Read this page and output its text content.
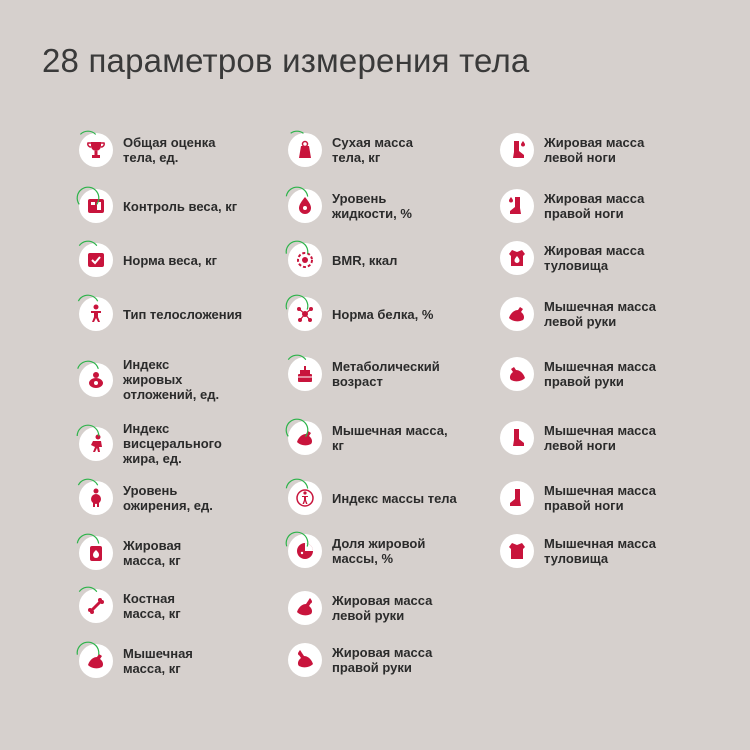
28 параметров измерения тела
Общая оценка
тела, ед.
Контроль веса, кг
Норма веса, кг
Тип телосложения
Индекс
жировых
отложений, ед.
Индекс
висцерального
жира, ед.
Уровень
ожирения, ед.
Жировая
масса, кг
Костная
масса, кг
Мышечная
масса, кг
Сухая масса
тела, кг
Уровень
жидкости, %
BMR, ккал
Норма белка, %
Метаболический
возраст
Мышечная масса,
кг
Индекс массы тела
Доля жировой
массы, %
Жировая масса
левой руки
Жировая масса
правой руки
Жировая масса
левой ноги
Жировая масса
правой ноги
Жировая масса
туловища
Мышечная масса
левой руки
Мышечная масса
правой руки
Мышечная масса
левой ноги
Мышечная масса
правой ноги
Мышечная масса
туловища
